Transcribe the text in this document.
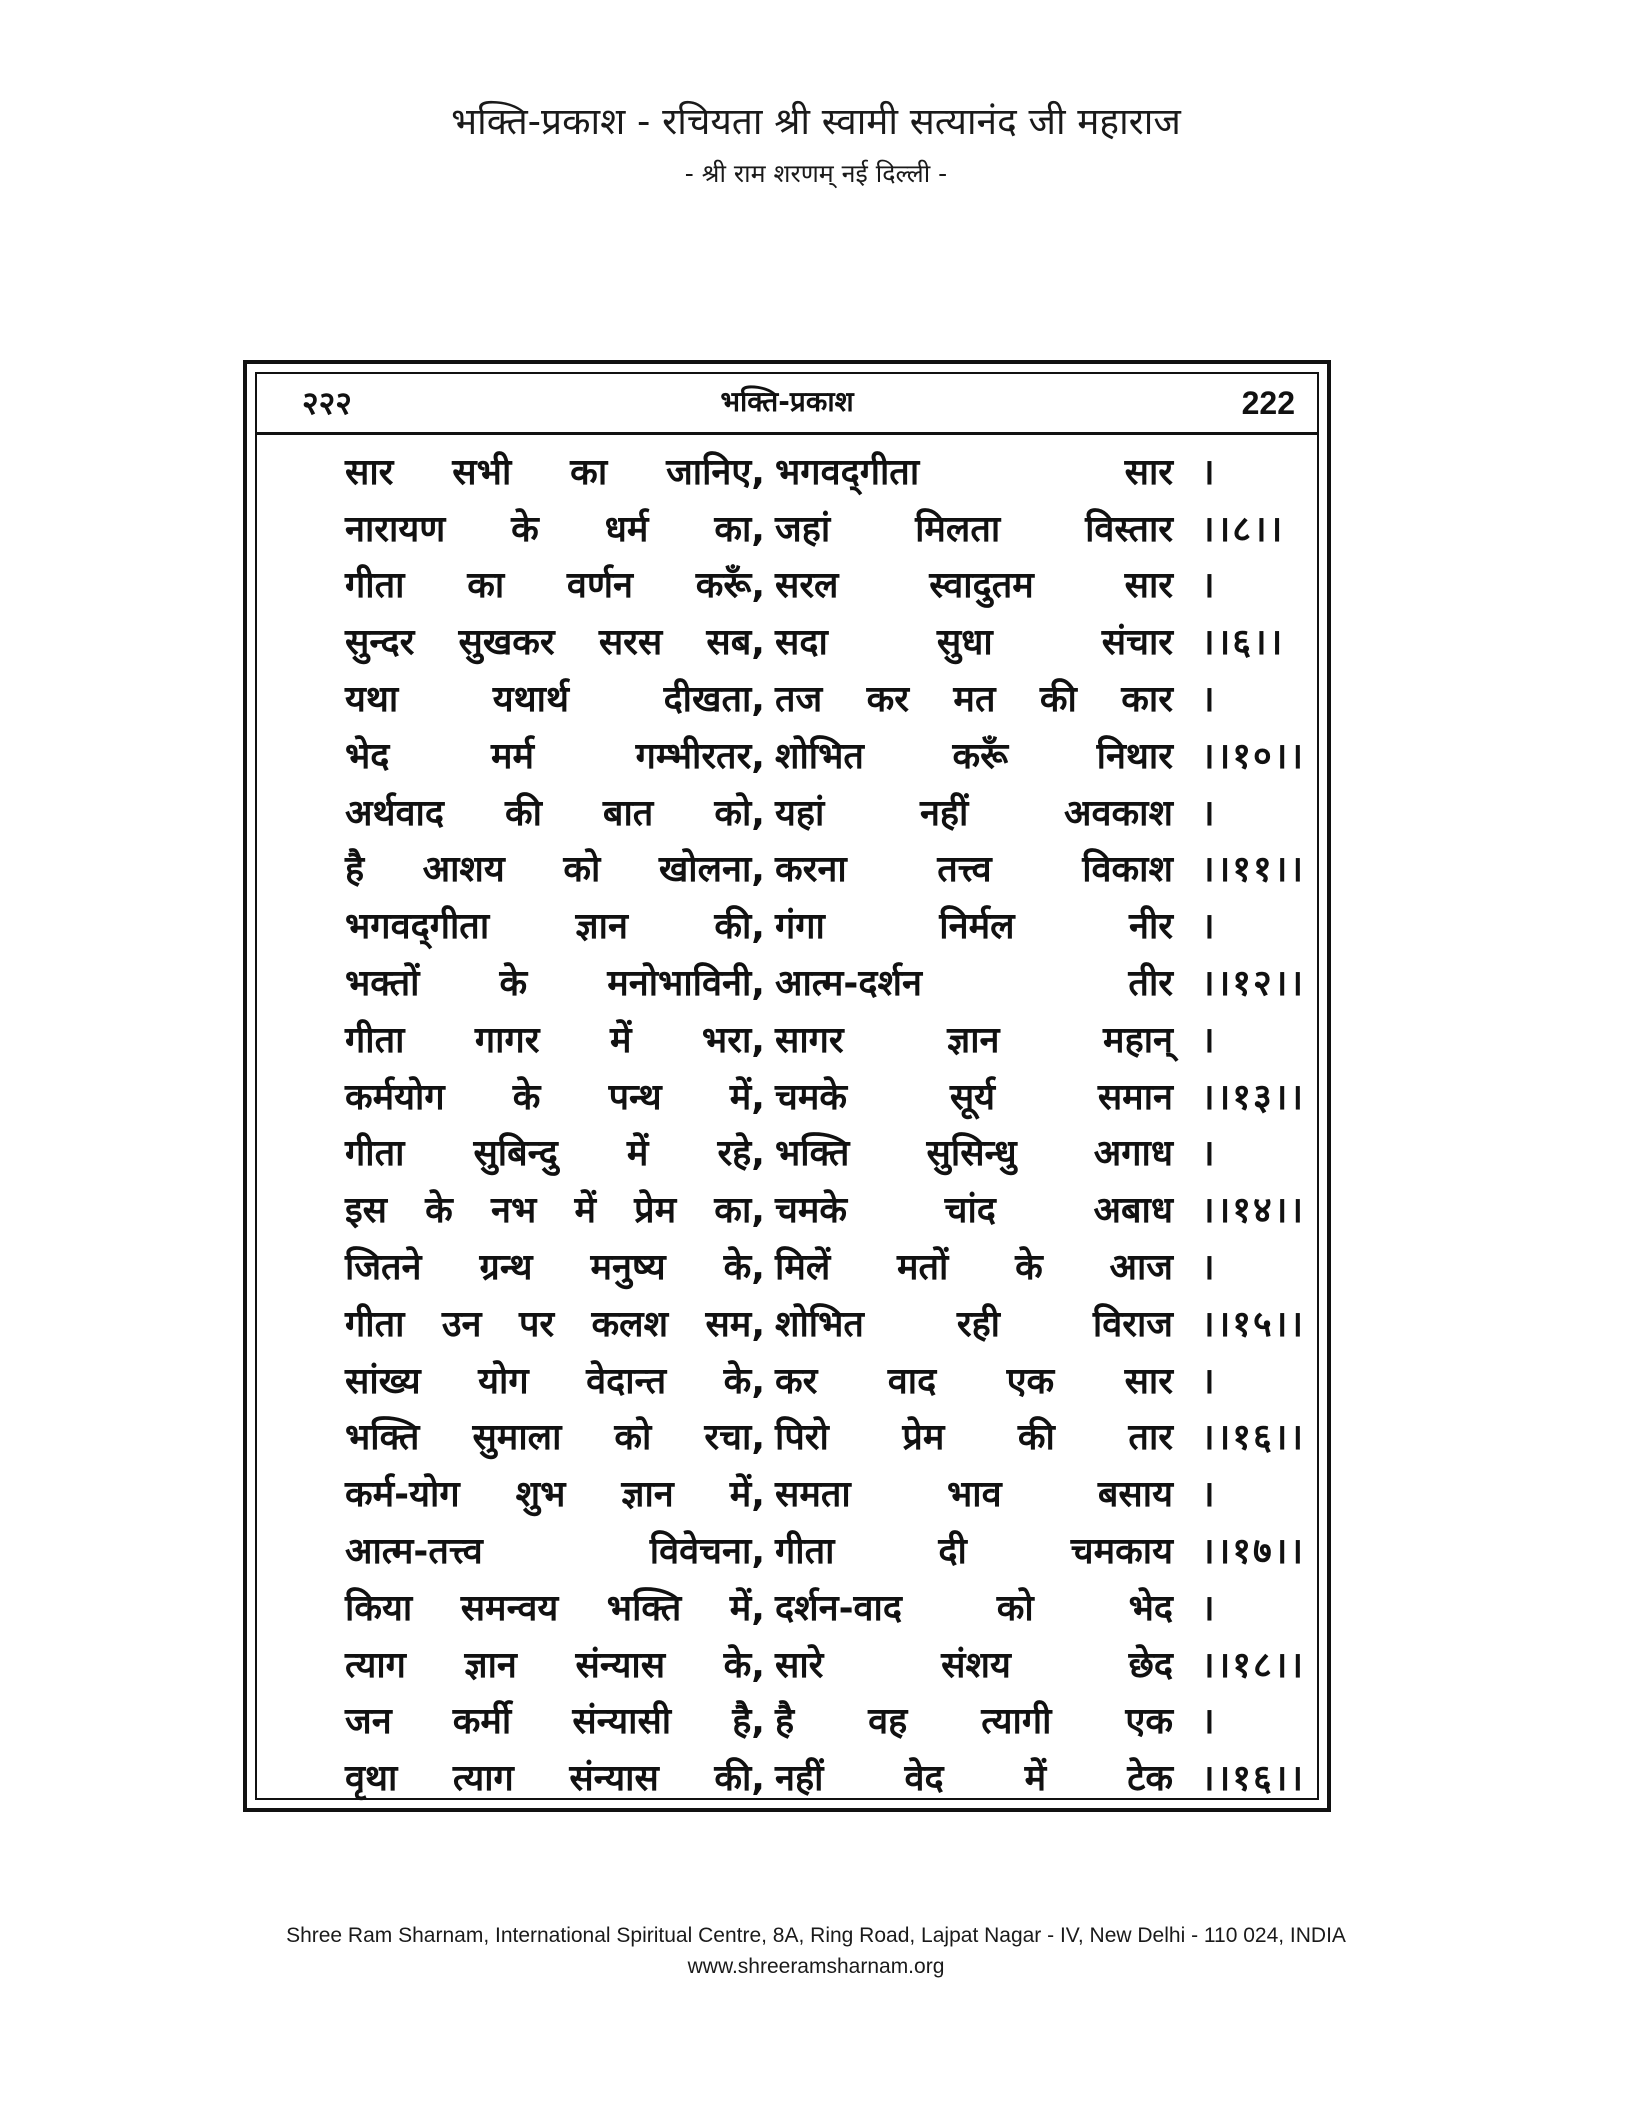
भक्ति-प्रकाश - रचियता श्री स्वामी सत्यानंद जी महाराज
- श्री राम शरणम् नई दिल्ली -
२२२	भक्ति-प्रकाश	222
सार सभी का जानिए, भगवद्‌गीता	सार ।
नारायण के धर्म का, जहां मिलता विस्तार ।।८।।
गीता का वर्णन करूँ, सरल	स्वादुतम	सार ।
सुन्दर सुखकर सरस सब, सदा	सुधा	संचार ।।६।।
यथा	यथार्थ	दीखता, तज कर मत की कार ।
भेद	मर्म	गम्भीरतर, शोभित करूँ निथार ।।१०।।
अर्थवाद की बात को, यहां	नहीं	अवकाश ।
है आशय को खोलना, करना	तत्त्व	विकाश ।।११।।
भगवद्‌गीता ज्ञान की, गंगा	निर्मल	नीर ।
भक्तों के मनोभाविनी, आत्म-दर्शन	तीर ।।१२।।
गीता गागर में भरा, सागर	ज्ञान	महान् ।
कर्मयोग के पन्थ में, चमके	सूर्य	समान ।।१३।।
गीता सुबिन्दु में रहे, भक्ति सुसिन्धु अगाध ।
इस के नभ में प्रेम का, चमके	चांद	अबाध ।।१४।।
जितने ग्रन्थ मनुष्य के, मिलें मतों के आज ।
गीता उन पर कलश सम, शोभित	रही	विराज ।।१५।।
सांख्य योग वेदान्त के, कर वाद एक सार ।
भक्ति सुमाला को रचा, पिरो प्रेम की तार ।।१६।।
कर्म-योग शुभ ज्ञान में, समता	भाव	बसाय ।
आत्म-तत्त्व	विवेचना, गीता	दी	चमकाय ।।१७।।
किया समन्वय भक्ति में, दर्शन-वाद	को	भेद ।
त्याग ज्ञान संन्यास के, सारे	संशय	छेद ।।१८।।
जन कर्मी संन्यासी है, है वह त्यागी एक ।
वृथा त्याग संन्यास की, नहीं वेद में टेक ।।१६।।
Shree Ram Sharnam, International Spiritual Centre, 8A, Ring Road, Lajpat Nagar - IV, New Delhi - 110 024, INDIA
www.shreeramsharnam.org
